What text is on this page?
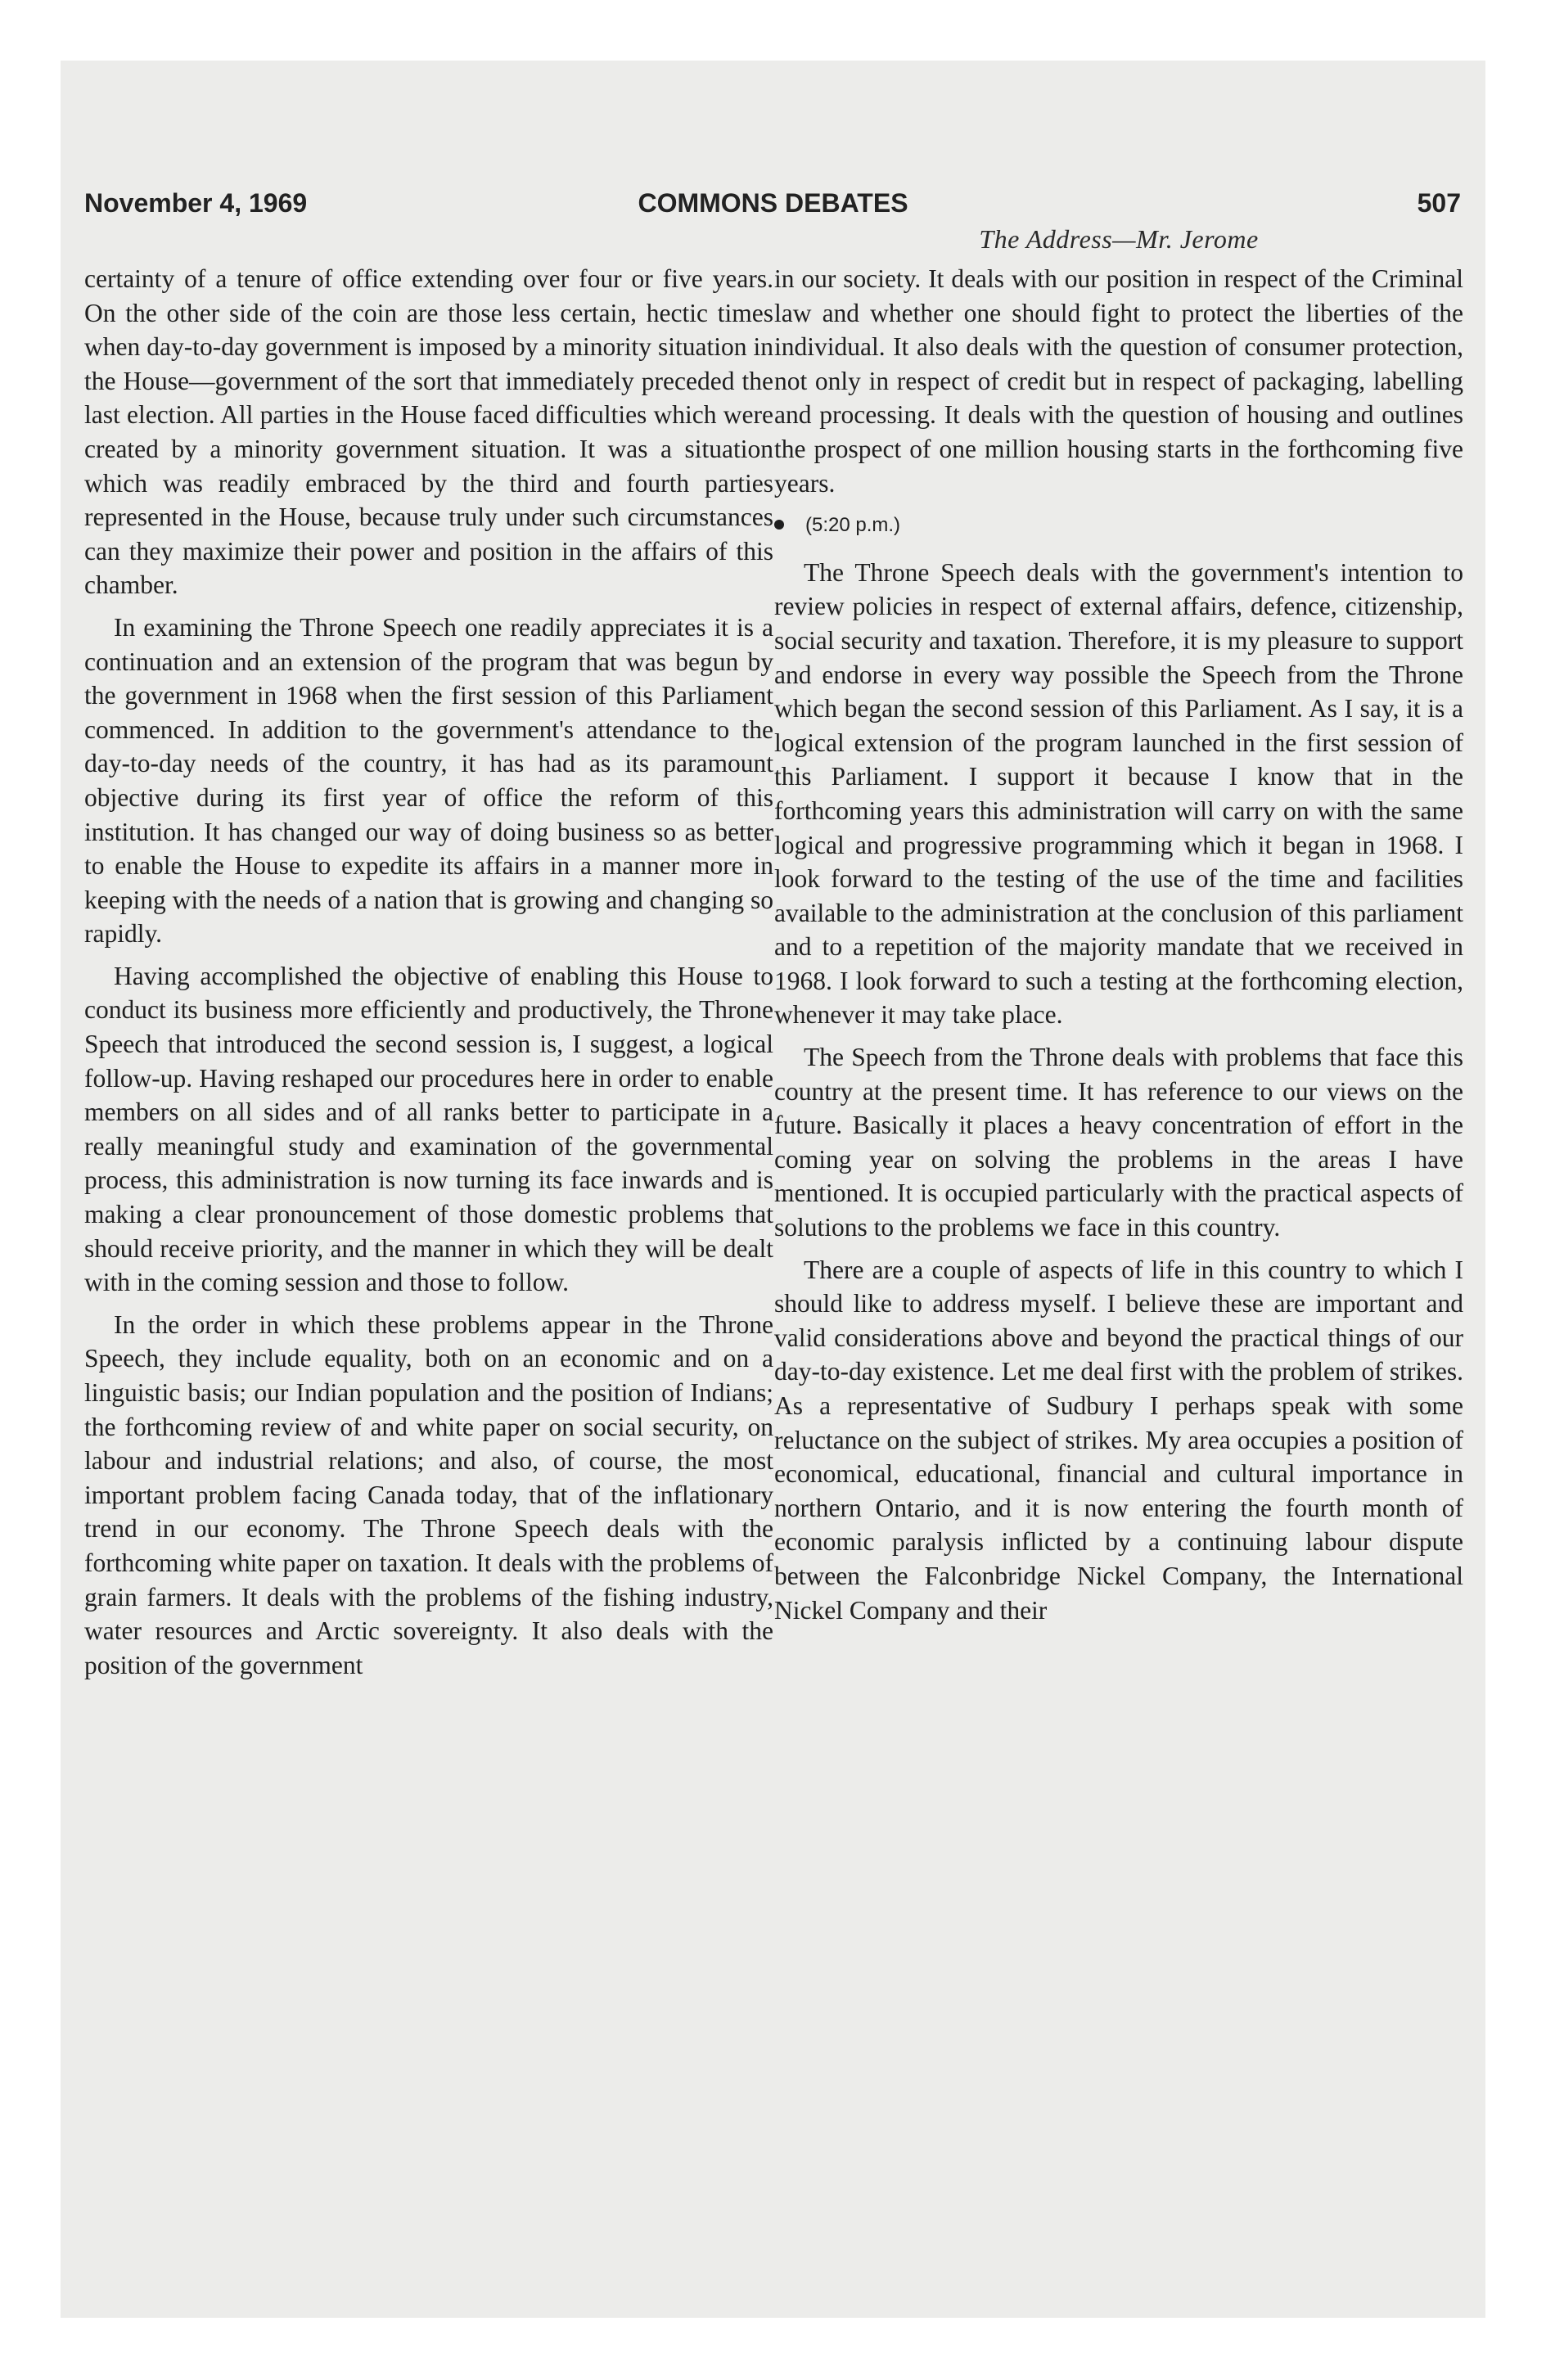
November 4, 1969	COMMONS DEBATES	507
The Address—Mr. Jerome

certainty of a tenure of office extending over four or five years. On the other side of the coin are those less certain, hectic times when day-to-day government is imposed by a minority situation in the House—government of the sort that immediately preceded the last election. All parties in the House faced difficulties which were created by a minority government situation. It was a situation which was readily embraced by the third and fourth parties represented in the House, because truly under such circumstances can they maximize their power and position in the affairs of this chamber.

In examining the Throne Speech one readily appreciates it is a continuation and an extension of the program that was begun by the government in 1968 when the first session of this Parliament commenced. In addition to the government's attendance to the day-to-day needs of the country, it has had as its paramount objective during its first year of office the reform of this institution. It has changed our way of doing business so as better to enable the House to expedite its affairs in a manner more in keeping with the needs of a nation that is growing and changing so rapidly.

Having accomplished the objective of enabling this House to conduct its business more efficiently and productively, the Throne Speech that introduced the second session is, I suggest, a logical follow-up. Having reshaped our procedures here in order to enable members on all sides and of all ranks better to participate in a really meaningful study and examination of the governmental process, this administration is now turning its face inwards and is making a clear pronouncement of those domestic problems that should receive priority, and the manner in which they will be dealt with in the coming session and those to follow.

In the order in which these problems appear in the Throne Speech, they include equality, both on an economic and on a linguistic basis; our Indian population and the position of Indians; the forthcoming review of and white paper on social security, on labour and industrial relations; and also, of course, the most important problem facing Canada today, that of the inflationary trend in our economy. The Throne Speech deals with the forthcoming white paper on taxation. It deals with the problems of grain farmers. It deals with the problems of the fishing industry, water resources and Arctic sovereignty. It also deals with the position of the government

in our society. It deals with our position in respect of the Criminal law and whether one should fight to protect the liberties of the individual. It also deals with the question of consumer protection, not only in respect of credit but in respect of packaging, labelling and processing. It deals with the question of housing and outlines the prospect of one million housing starts in the forthcoming five years.

(5:20 p.m.)

The Throne Speech deals with the government's intention to review policies in respect of external affairs, defence, citizenship, social security and taxation. Therefore, it is my pleasure to support and endorse in every way possible the Speech from the Throne which began the second session of this Parliament. As I say, it is a logical extension of the program launched in the first session of this Parliament. I support it because I know that in the forthcoming years this administration will carry on with the same logical and progressive programming which it began in 1968. I look forward to the testing of the use of the time and facilities available to the administration at the conclusion of this parliament and to a repetition of the majority mandate that we received in 1968. I look forward to such a testing at the forthcoming election, whenever it may take place.

The Speech from the Throne deals with problems that face this country at the present time. It has reference to our views on the future. Basically it places a heavy concentration of effort in the coming year on solving the problems in the areas I have mentioned. It is occupied particularly with the practical aspects of solutions to the problems we face in this country.

There are a couple of aspects of life in this country to which I should like to address myself. I believe these are important and valid considerations above and beyond the practical things of our day-to-day existence. Let me deal first with the problem of strikes. As a representative of Sudbury I perhaps speak with some reluctance on the subject of strikes. My area occupies a position of economical, educational, financial and cultural importance in northern Ontario, and it is now entering the fourth month of economic paralysis inflicted by a continuing labour dispute between the Falconbridge Nickel Company, the International Nickel Company and their
